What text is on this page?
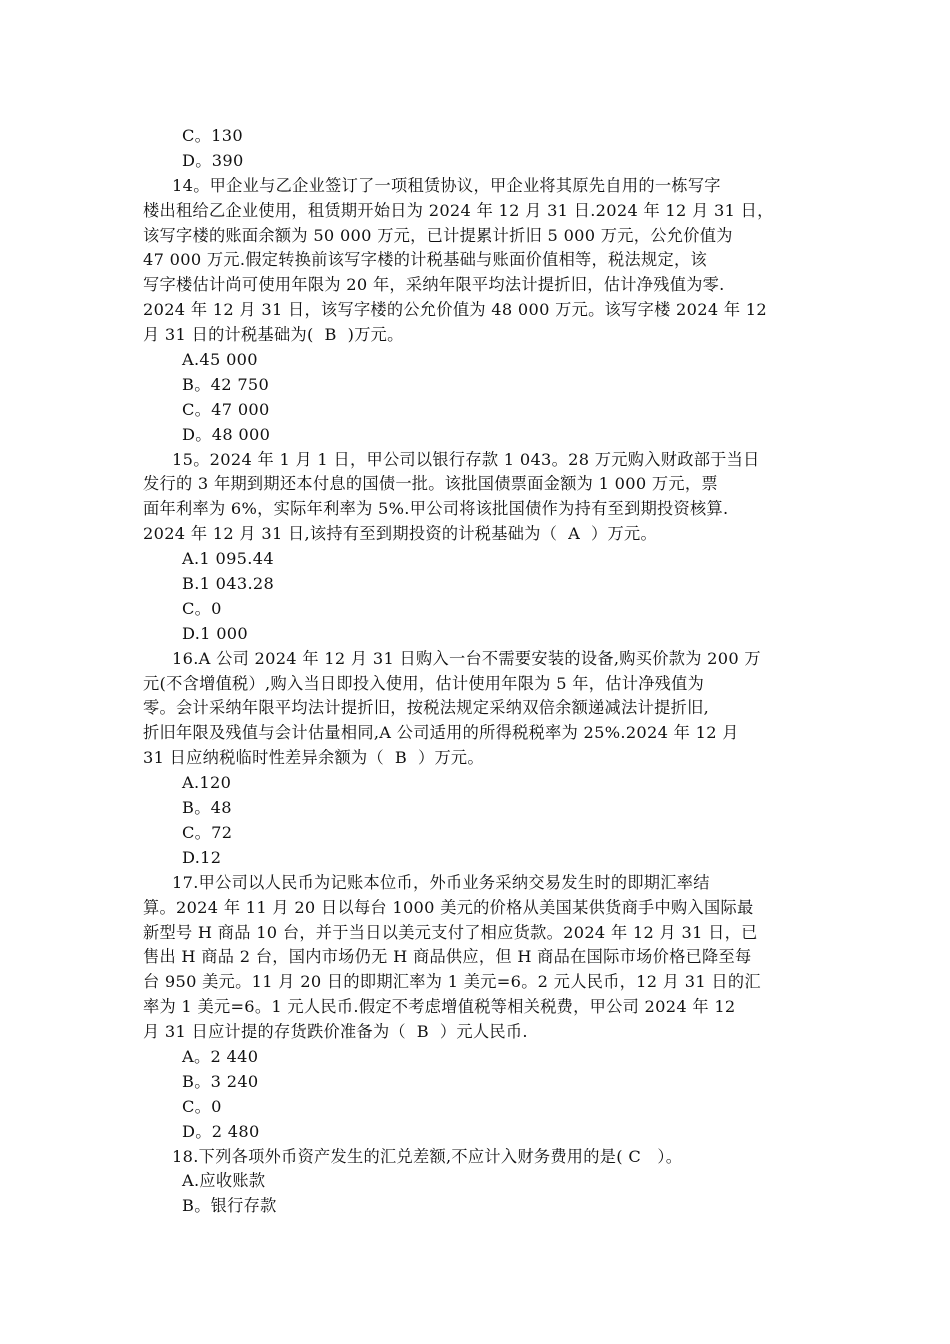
C。130
D。390
14。甲企业与乙企业签订了一项租赁协议，甲企业将其原先自用的一栋写字
楼出租给乙企业使用，租赁期开始日为 2024 年 12 月 31 日.2024 年 12 月 31 日，
该写字楼的账面余额为 50 000 万元，已计提累计折旧 5 000 万元，公允价值为
47 000 万元.假定转换前该写字楼的计税基础与账面价值相等，税法规定，该
写字楼估计尚可使用年限为 20 年，采纳年限平均法计提折旧，估计净残值为零.
2024 年 12 月 31 日，该写字楼的公允价值为 48 000 万元。该写字楼 2024 年 12
月 31 日的计税基础为(  B  )万元。
A.45 000
B。42 750
C。47 000
D。48 000
15。2024 年 1 月 1 日，甲公司以银行存款 1 043。28 万元购入财政部于当日
发行的 3 年期到期还本付息的国债一批。该批国债票面金额为 1 000 万元，票
面年利率为 6%，实际年利率为 5%.甲公司将该批国债作为持有至到期投资核算.
2024 年 12 月 31 日,该持有至到期投资的计税基础为（  A  ）万元。
A.1 095.44
B.1 043.28
C。0
D.1 000
16.A 公司 2024 年 12 月 31 日购入一台不需要安装的设备,购买价款为 200 万
元(不含增值税）,购入当日即投入使用，估计使用年限为 5 年，估计净残值为
零。会计采纳年限平均法计提折旧，按税法规定采纳双倍余额递减法计提折旧,
折旧年限及残值与会计估量相同,A 公司适用的所得税税率为 25%.2024 年 12 月
31 日应纳税临时性差异余额为（  B  ）万元。
A.120
B。48
C。72
D.12
17.甲公司以人民币为记账本位币，外币业务采纳交易发生时的即期汇率结
算。2024 年 11 月 20 日以每台 1000 美元的价格从美国某供货商手中购入国际最
新型号 H 商品 10 台，并于当日以美元支付了相应货款。2024 年 12 月 31 日，已
售出 H 商品 2 台，国内市场仍无 H 商品供应，但 H 商品在国际市场价格已降至每
台 950 美元。11 月 20 日的即期汇率为 1 美元=6。2 元人民币，12 月 31 日的汇
率为 1 美元=6。1 元人民币.假定不考虑增值税等相关税费，甲公司 2024 年 12
月 31 日应计提的存货跌价准备为（  B  ）元人民币.
A。2 440
B。3 240
C。0
D。2 480
18.下列各项外币资产发生的汇兑差额,不应计入财务费用的是( C   ）。
A.应收账款
B。银行存款
